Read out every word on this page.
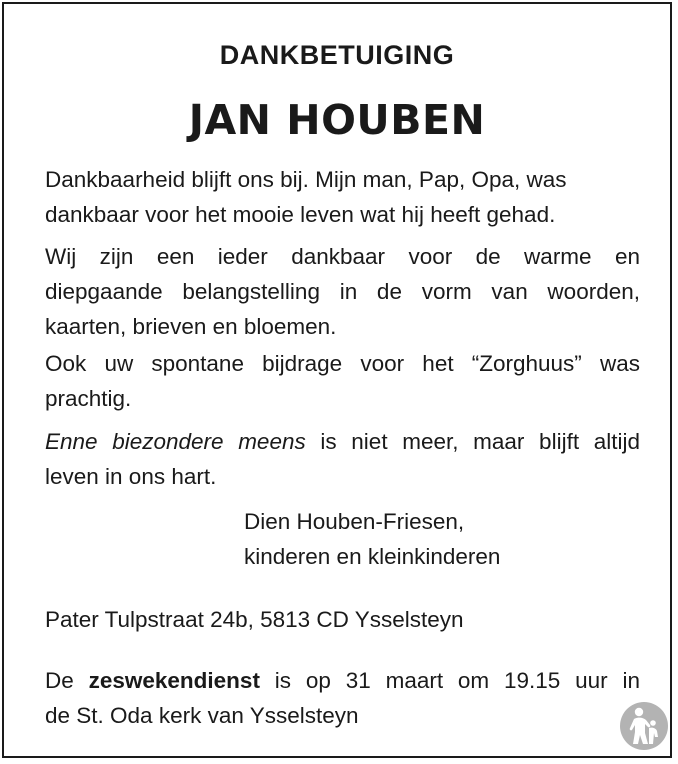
DANKBETUIGING

JAN HOUBEN

Dankbaarheid blijft ons bij. Mijn man, Pap, Opa, was
dankbaar voor het mooie leven wat hij heeft gehad.

Wij zijn een ieder dankbaar voor de warme en
diepgaande belangstelling in de vorm van woorden,
kaarten, brieven en bloemen.

Ook uw spontane bijdrage voor het “Zorghuus” was
prachtig.

Enne biezondere meens is niet meer, maar blijft altijd
leven in ons hart.

Dien Houben-Friesen,
kinderen en kleinkinderen

Pater Tulpstraat 24b, 5813 CD Ysselsteyn

De zeswekendienst is op 31 maart om 19.15 uur in
de St. Oda kerk van Ysselsteyn
